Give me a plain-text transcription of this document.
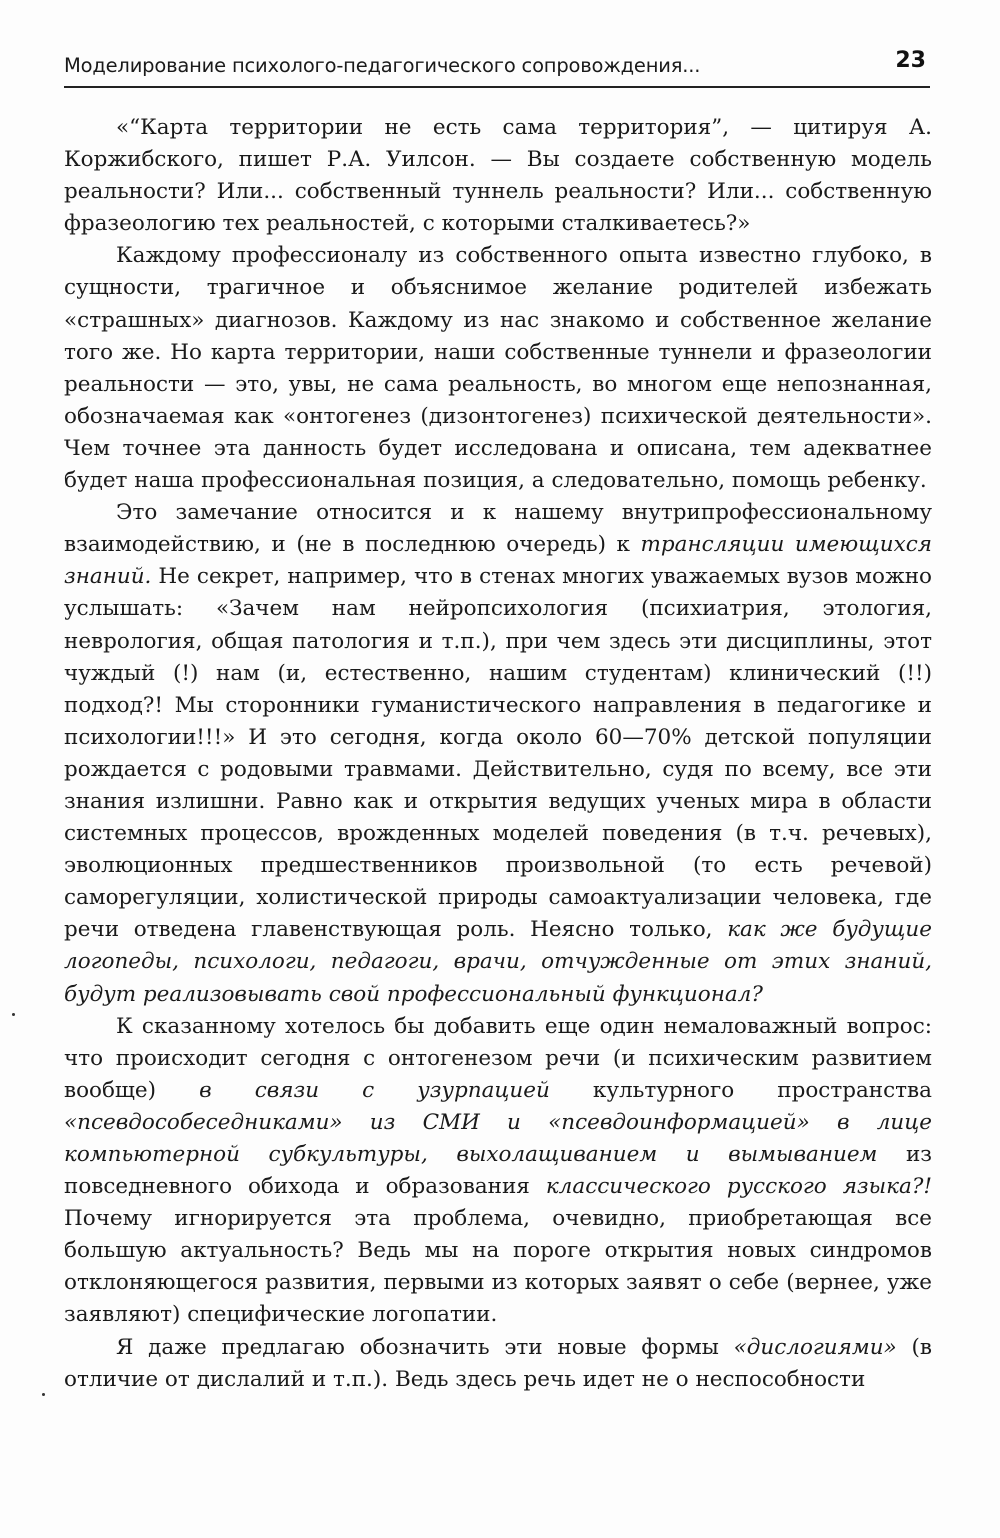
Моделирование психолого-педагогического сопровождения...	23

«“Карта территории не есть сама территория”, — цитируя А. Коржибского, пишет Р.А. Уилсон. — Вы создаете собственную модель реальности? Или... собственный туннель реальности? Или... собственную фразеологию тех реальностей, с которыми сталкиваетесь?»

Каждому профессионалу из собственного опыта известно глубоко, в сущности, трагичное и объяснимое желание родителей избежать «страшных» диагнозов. Каждому из нас знакомо и собственное желание того же. Но карта территории, наши собственные туннели и фразеологии реальности — это, увы, не сама реальность, во многом еще непознанная, обозначаемая как «онтогенез (дизонтогенез) психической деятельности». Чем точнее эта данность будет исследована и описана, тем адекватнее будет наша профессиональная позиция, а следовательно, помощь ребенку.

Это замечание относится и к нашему внутрипрофессиональному взаимодействию, и (не в последнюю очередь) к трансляции имеющихся знаний. Не секрет, например, что в стенах многих уважаемых вузов можно услышать: «Зачем нам нейропсихология (психиатрия, этология, неврология, общая патология и т.п.), при чем здесь эти дисциплины, этот чуждый (!) нам (и, естественно, нашим студентам) клинический (!!) подход?! Мы сторонники гуманистического направления в педагогике и психологии!!!» И это сегодня, когда около 60—70% детской популяции рождается с родовыми травмами. Действительно, судя по всему, все эти знания излишни. Равно как и открытия ведущих ученых мира в области системных процессов, врожденных моделей поведения (в т.ч. речевых), эволюционных предшественников произвольной (то есть речевой) саморегуляции, холистической природы самоактуализации человека, где речи отведена главенствующая роль. Неясно только, как же будущие логопеды, психологи, педагоги, врачи, отчужденные от этих знаний, будут реализовывать свой профессиональный функционал?

К сказанному хотелось бы добавить еще один немаловажный вопрос: что происходит сегодня с онтогенезом речи (и психическим развитием вообще) в связи с узурпацией культурного пространства «псевдособеседниками» из СМИ и «псевдоинформацией» в лице компьютерной субкультуры, выхолащиванием и вымыванием из повседневного обихода и образования классического русского языка?! Почему игнорируется эта проблема, очевидно, приобретающая все большую актуальность? Ведь мы на пороге открытия новых синдромов отклоняющегося развития, первыми из которых заявят о себе (вернее, уже заявляют) специфические логопатии.

Я даже предлагаю обозначить эти новые формы «дислогиями» (в отличие от дислалий и т.п.). Ведь здесь речь идет не о неспособности
